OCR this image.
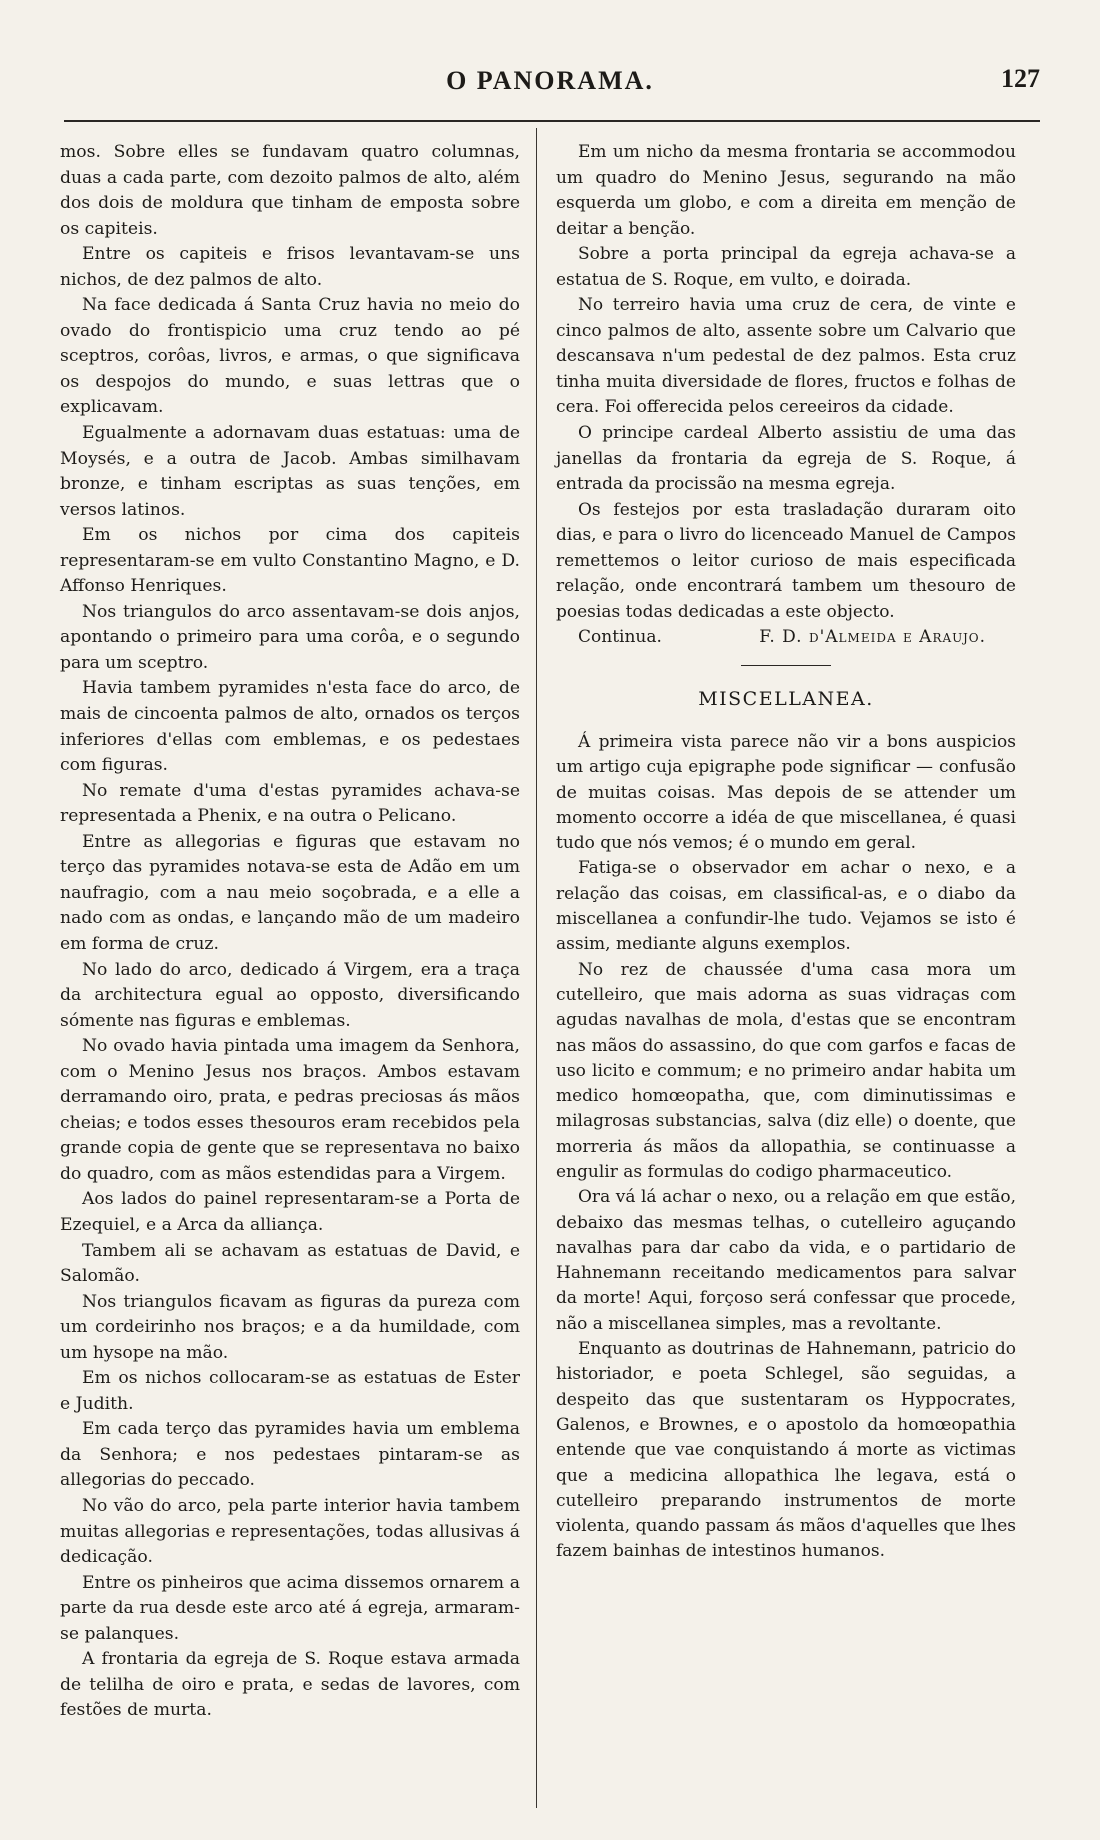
O PANORAMA.	127

mos. Sobre elles se fundavam quatro columnas, duas a cada parte, com dezoito palmos de alto, além dos dois de moldura que tinham de emposta sobre os capiteis.

Entre os capiteis e frisos levantavam-se uns nichos, de dez palmos de alto.

Na face dedicada á Santa Cruz havia no meio do ovado do frontispicio uma cruz tendo ao pé sceptros, corôas, livros, e armas, o que significava os despojos do mundo, e suas lettras que o explicavam.

Egualmente a adornavam duas estatuas: uma de Moysés, e a outra de Jacob. Ambas similhavam bronze, e tinham escriptas as suas tenções, em versos latinos.

Em os nichos por cima dos capiteis representaram-se em vulto Constantino Magno, e D. Affonso Henriques.

Nos triangulos do arco assentavam-se dois anjos, apontando o primeiro para uma corôa, e o segundo para um sceptro.

Havia tambem pyramides n'esta face do arco, de mais de cincoenta palmos de alto, ornados os terços inferiores d'ellas com emblemas, e os pedestaes com figuras.

No remate d'uma d'estas pyramides achava-se representada a Phenix, e na outra o Pelicano.

Entre as allegorias e figuras que estavam no terço das pyramides notava-se esta de Adão em um naufragio, com a nau meio soçobrada, e a elle a nado com as ondas, e lançando mão de um madeiro em forma de cruz.

No lado do arco, dedicado á Virgem, era a traça da architectura egual ao opposto, diversificando sómente nas figuras e emblemas.

No ovado havia pintada uma imagem da Senhora, com o Menino Jesus nos braços. Ambos estavam derramando oiro, prata, e pedras preciosas ás mãos cheias; e todos esses thesouros eram recebidos pela grande copia de gente que se representava no baixo do quadro, com as mãos estendidas para a Virgem.

Aos lados do painel representaram-se a Porta de Ezequiel, e a Arca da alliança.

Tambem ali se achavam as estatuas de David, e Salomão.

Nos triangulos ficavam as figuras da pureza com um cordeirinho nos braços; e a da humildade, com um hysope na mão.

Em os nichos collocaram-se as estatuas de Ester e Judith.

Em cada terço das pyramides havia um emblema da Senhora; e nos pedestaes pintaram-se as allegorias do peccado.

No vão do arco, pela parte interior havia tambem muitas allegorias e representações, todas allusivas á dedicação.

Entre os pinheiros que acima dissemos ornarem a parte da rua desde este arco até á egreja, armaram-se palanques.

A frontaria da egreja de S. Roque estava armada de telilha de oiro e prata, e sedas de lavores, com festões de murta.

Em um nicho da mesma frontaria se accommodou um quadro do Menino Jesus, segurando na mão esquerda um globo, e com a direita em menção de deitar a benção.

Sobre a porta principal da egreja achava-se a estatua de S. Roque, em vulto, e doirada.

No terreiro havia uma cruz de cera, de vinte e cinco palmos de alto, assente sobre um Calvario que descansava n'um pedestal de dez palmos. Esta cruz tinha muita diversidade de flores, fructos e folhas de cera. Foi offerecida pelos cereeiros da cidade.

O principe cardeal Alberto assistiu de uma das janellas da frontaria da egreja de S. Roque, á entrada da procissão na mesma egreja.

Os festejos por esta trasladação duraram oito dias, e para o livro do licenceado Manuel de Campos remettemos o leitor curioso de mais especificada relação, onde encontrará tambem um thesouro de poesias todas dedicadas a este objecto.

Continua.	F. D. d'Almeida e Araujo.
MISCELLANEA.

Á primeira vista parece não vir a bons auspicios um artigo cuja epigraphe pode significar — confusão de muitas coisas. Mas depois de se attender um momento occorre a idéa de que miscellanea, é quasi tudo que nós vemos; é o mundo em geral.

Fatiga-se o observador em achar o nexo, e a relação das coisas, em classifical-as, e o diabo da miscellanea a confundir-lhe tudo. Vejamos se isto é assim, mediante alguns exemplos.

No rez de chaussée d'uma casa mora um cutelleiro, que mais adorna as suas vidraças com agudas navalhas de mola, d'estas que se encontram nas mãos do assassino, do que com garfos e facas de uso licito e commum; e no primeiro andar habita um medico homœopatha, que, com diminutissimas e milagrosas substancias, salva (diz elle) o doente, que morreria ás mãos da allopathia, se continuasse a engulir as formulas do codigo pharmaceutico.

Ora vá lá achar o nexo, ou a relação em que estão, debaixo das mesmas telhas, o cutelleiro aguçando navalhas para dar cabo da vida, e o partidario de Hahnemann receitando medicamentos para salvar da morte! Aqui, forçoso será confessar que procede, não a miscellanea simples, mas a revoltante.

Enquanto as doutrinas de Hahnemann, patricio do historiador, e poeta Schlegel, são seguidas, a despeito das que sustentaram os Hyppocrates, Galenos, e Brownes, e o apostolo da homœopathia entende que vae conquistando á morte as victimas que a medicina allopathica lhe legava, está o cutelleiro preparando instrumentos de morte violenta, quando passam ás mãos d'aquelles que lhes fazem bainhas de intestinos humanos.
